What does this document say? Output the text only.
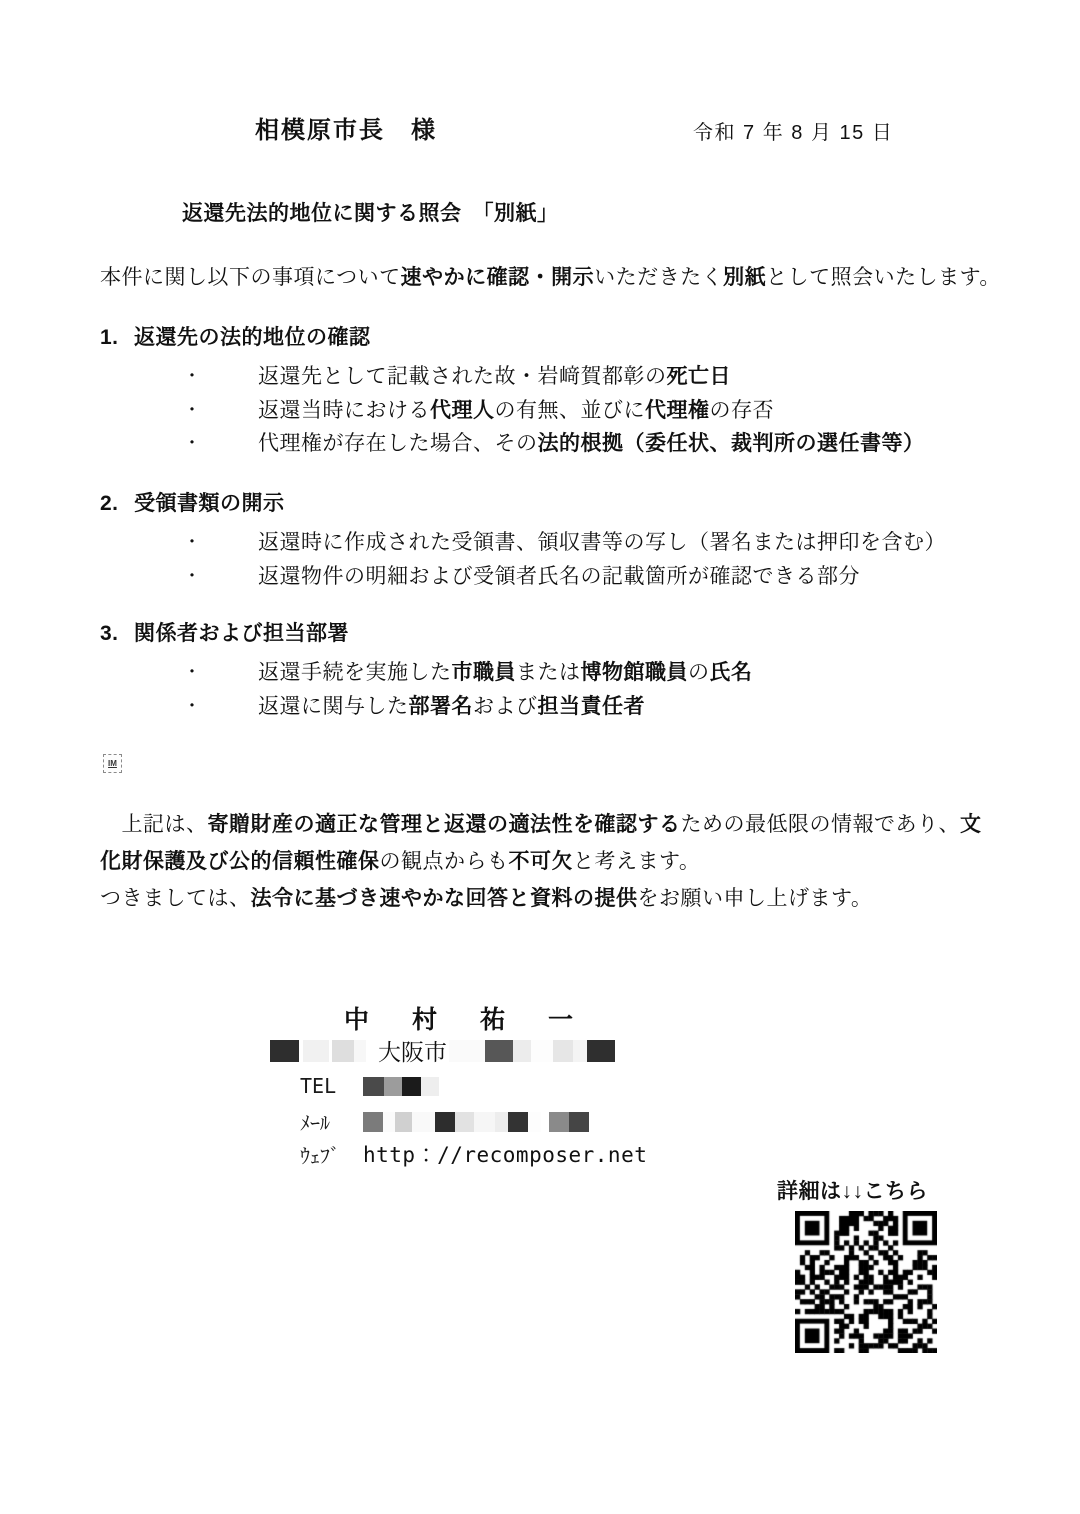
相模原市長　様	令和 7 年 8 月 15 日
返還先法的地位に関する照会　「別紙」
本件に関し以下の事項について速やかに確認・開示いただきたく別紙として照会いたします。
1. 返還先の法的地位の確認
・	返還先として記載された故・岩﨑賀都彰の死亡日
・	返還当時における代理人の有無、並びに代理権の存否
・	代理権が存在した場合、その法的根拠（委任状、裁判所の選任書等）
2. 受領書類の開示
・	返還時に作成された受領書、領収書等の写し（署名または押印を含む）
・	返還物件の明細および受領者氏名の記載箇所が確認できる部分
3. 関係者および担当部署
・	返還手続を実施した市職員または博物館職員の氏名
・	返還に関与した部署名および担当責任者
IM
　上記は、寄贈財産の適正な管理と返還の適法性を確認するための最低限の情報であり、文化財保護及び公的信頼性確保の観点からも不可欠と考えます。
つきましては、法令に基づき速やかな回答と資料の提供をお願い申し上げます。
中　村　祐　一
大阪市
TEL
ﾒｰﾙ
ｳｪﾌﾞ	http：//recomposer.net
詳細は↓↓こちら
